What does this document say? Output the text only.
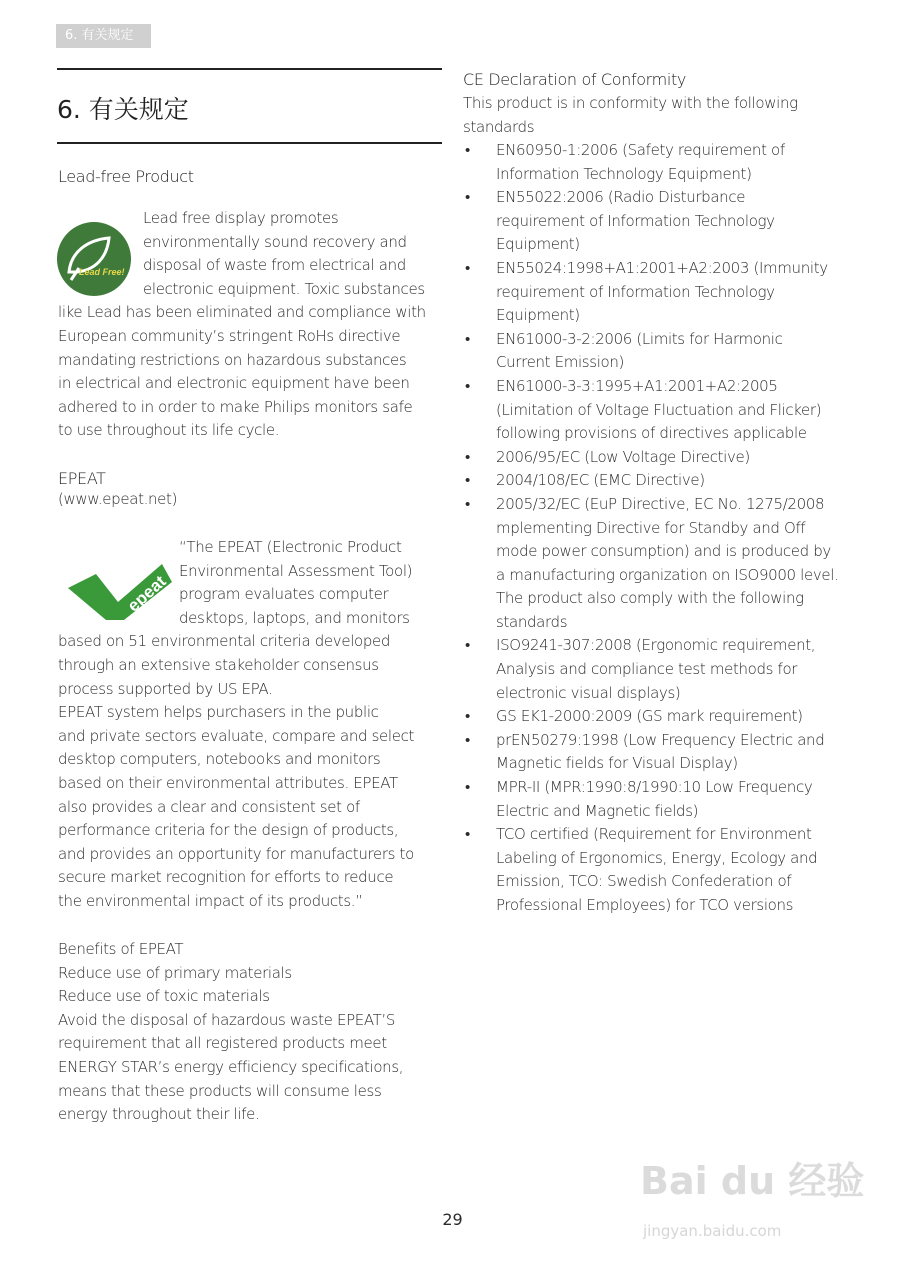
6. 有关规定
6. 有关规定
Lead-free Product
Lead Free!
Lead free display promotes
environmentally sound recovery and
disposal of waste from electrical and
electronic equipment. Toxic substances
like Lead has been eliminated and compliance with
European community’s stringent RoHs directive
mandating restrictions on hazardous substances
in electrical and electronic equipment have been
adhered to in order to make Philips monitors safe
to use throughout its life cycle.
EPEAT
(www.epeat.net)
epeat
“The EPEAT (Electronic Product
Environmental Assessment Tool)
program evaluates computer
desktops, laptops, and monitors
based on 51 environmental criteria developed
through an extensive stakeholder consensus
process supported by US EPA.
EPEAT system helps purchasers in the public
and private sectors evaluate, compare and select
desktop computers, notebooks and monitors
based on their environmental attributes. EPEAT
also provides a clear and consistent set of
performance criteria for the design of products,
and provides an opportunity for manufacturers to
secure market recognition for efforts to reduce
the environmental impact of its products.”
Benefits of EPEAT
Reduce use of primary materials
Reduce use of toxic materials
Avoid the disposal of hazardous waste EPEAT’S
requirement that all registered products meet
ENERGY STAR’s energy efficiency specifications,
means that these products will consume less
energy throughout their life.
CE Declaration of Conformity
This product is in conformity with the following
standards
• EN60950-1:2006 (Safety requirement of
Information Technology Equipment)
• EN55022:2006 (Radio Disturbance
requirement of Information Technology
Equipment)
• EN55024:1998+A1:2001+A2:2003 (Immunity
requirement of Information Technology
Equipment)
• EN61000-3-2:2006 (Limits for Harmonic
Current Emission)
• EN61000-3-3:1995+A1:2001+A2:2005
(Limitation of Voltage Fluctuation and Flicker)
following provisions of directives applicable
• 2006/95/EC (Low Voltage Directive)
• 2004/108/EC (EMC Directive)
• 2005/32/EC (EuP Directive, EC No. 1275/2008
mplementing Directive for Standby and Off
mode power consumption) and is produced by
a manufacturing organization on ISO9000 level.
The product also comply with the following
standards
• ISO9241-307:2008 (Ergonomic requirement,
Analysis and compliance test methods for
electronic visual displays)
• GS EK1-2000:2009 (GS mark requirement)
• prEN50279:1998 (Low Frequency Electric and
Magnetic fields for Visual Display)
• MPR-II (MPR:1990:8/1990:10 Low Frequency
Electric and Magnetic fields)
• TCO certified (Requirement for Environment
Labeling of Ergonomics, Energy, Ecology and
Emission, TCO: Swedish Confederation of
Professional Employees) for TCO versions
29
Bai du 经验
jingyan.baidu.com
